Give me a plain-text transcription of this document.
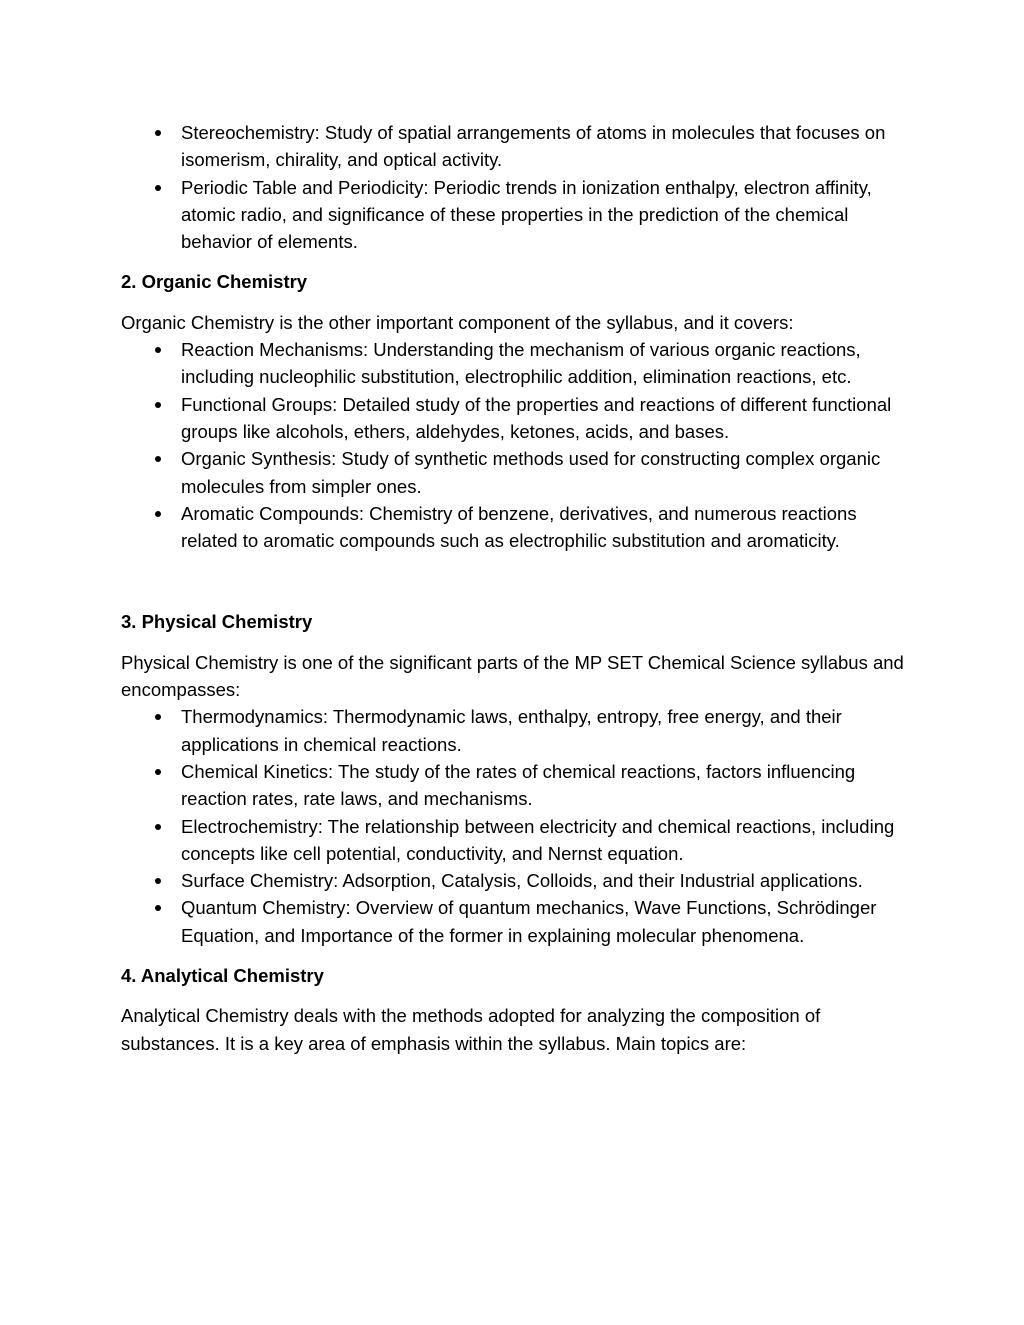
Stereochemistry: Study of spatial arrangements of atoms in molecules that focuses on isomerism, chirality, and optical activity.
Periodic Table and Periodicity: Periodic trends in ionization enthalpy, electron affinity, atomic radio, and significance of these properties in the prediction of the chemical behavior of elements.

2. Organic Chemistry

Organic Chemistry is the other important component of the syllabus, and it covers:

Reaction Mechanisms: Understanding the mechanism of various organic reactions, including nucleophilic substitution, electrophilic addition, elimination reactions, etc.
Functional Groups: Detailed study of the properties and reactions of different functional groups like alcohols, ethers, aldehydes, ketones, acids, and bases.
Organic Synthesis: Study of synthetic methods used for constructing complex organic molecules from simpler ones.
Aromatic Compounds: Chemistry of benzene, derivatives, and numerous reactions related to aromatic compounds such as electrophilic substitution and aromaticity.

3. Physical Chemistry

Physical Chemistry is one of the significant parts of the MP SET Chemical Science syllabus and encompasses:

Thermodynamics: Thermodynamic laws, enthalpy, entropy, free energy, and their applications in chemical reactions.
Chemical Kinetics: The study of the rates of chemical reactions, factors influencing reaction rates, rate laws, and mechanisms.
Electrochemistry: The relationship between electricity and chemical reactions, including concepts like cell potential, conductivity, and Nernst equation.
Surface Chemistry: Adsorption, Catalysis, Colloids, and their Industrial applications.
Quantum Chemistry: Overview of quantum mechanics, Wave Functions, Schrödinger Equation, and Importance of the former in explaining molecular phenomena.

4. Analytical Chemistry

Analytical Chemistry deals with the methods adopted for analyzing the composition of substances. It is a key area of emphasis within the syllabus. Main topics are:
